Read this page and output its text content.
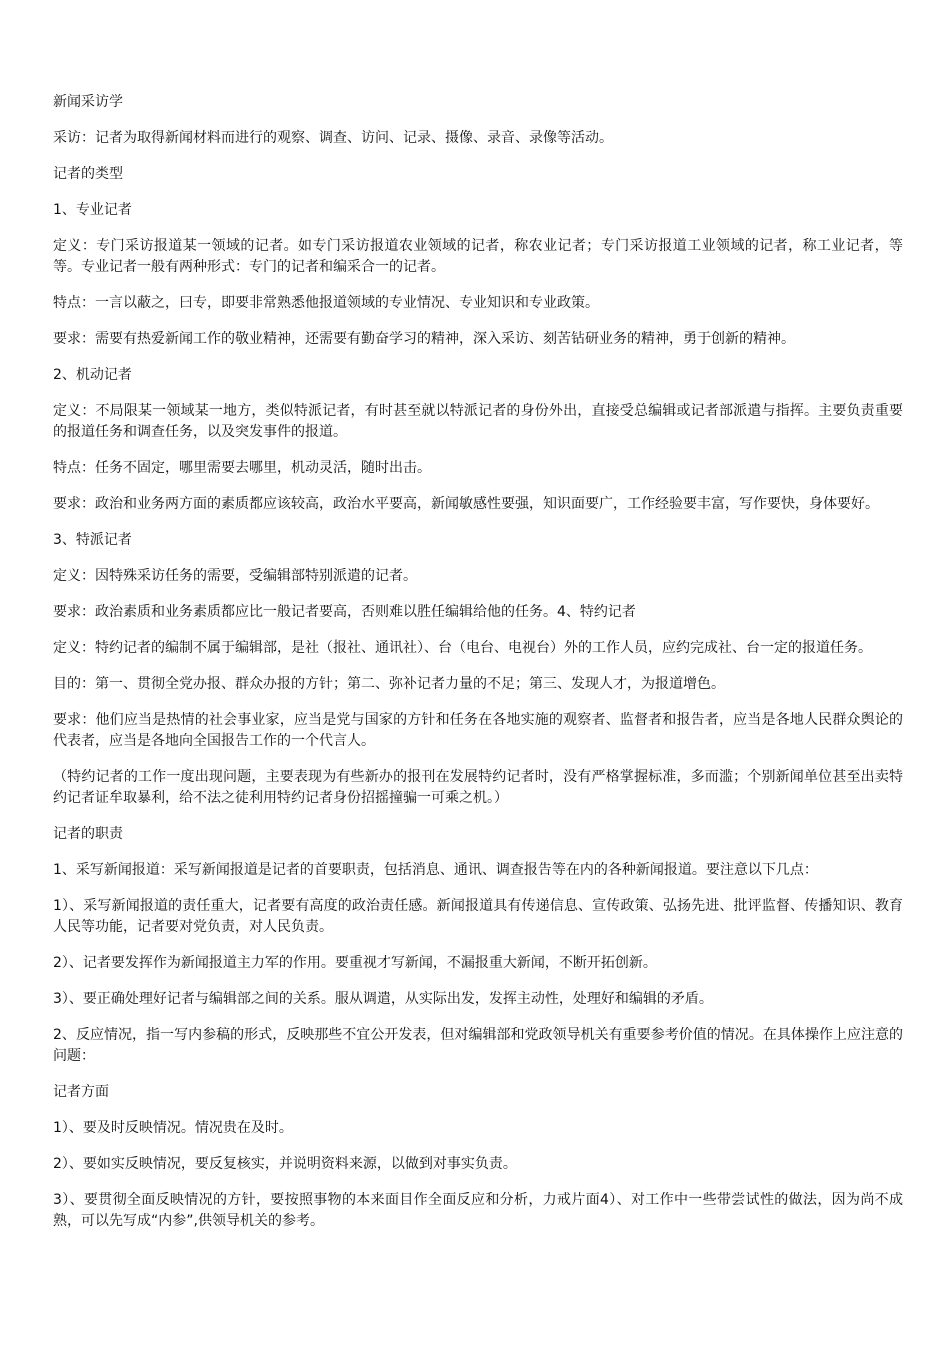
新闻采访学

采访：记者为取得新闻材料而进行的观察、调查、访问、记录、摄像、录音、录像等活动。

记者的类型

1、专业记者

定义：专门采访报道某一领域的记者。如专门采访报道农业领域的记者，称农业记者；专门采访报道工业领域的记者，称工业记者，等等。专业记者一般有两种形式：专门的记者和编采合一的记者。

特点：一言以蔽之，曰专，即要非常熟悉他报道领域的专业情况、专业知识和专业政策。

要求：需要有热爱新闻工作的敬业精神，还需要有勤奋学习的精神，深入采访、刻苦钻研业务的精神，勇于创新的精神。

2、机动记者

定义：不局限某一领域某一地方，类似特派记者，有时甚至就以特派记者的身份外出，直接受总编辑或记者部派遣与指挥。主要负责重要的报道任务和调查任务，以及突发事件的报道。

特点：任务不固定，哪里需要去哪里，机动灵活，随时出击。

要求：政治和业务两方面的素质都应该较高，政治水平要高，新闻敏感性要强，知识面要广，工作经验要丰富，写作要快，身体要好。

3、特派记者

定义：因特殊采访任务的需要，受编辑部特别派遣的记者。

要求：政治素质和业务素质都应比一般记者要高，否则难以胜任编辑给他的任务。4、特约记者

定义：特约记者的编制不属于编辑部，是社（报社、通讯社）、台（电台、电视台）外的工作人员，应约完成社、台一定的报道任务。

目的：第一、贯彻全党办报、群众办报的方针；第二、弥补记者力量的不足；第三、发现人才，为报道增色。

要求：他们应当是热情的社会事业家，应当是党与国家的方针和任务在各地实施的观察者、监督者和报告者，应当是各地人民群众舆论的代表者，应当是各地向全国报告工作的一个代言人。

（特约记者的工作一度出现问题，主要表现为有些新办的报刊在发展特约记者时，没有严格掌握标准，多而滥；个别新闻单位甚至出卖特约记者证牟取暴利，给不法之徒利用特约记者身份招摇撞骗一可乘之机。）

记者的职责

1、采写新闻报道：采写新闻报道是记者的首要职责，包括消息、通讯、调查报告等在内的各种新闻报道。要注意以下几点：

1）、采写新闻报道的责任重大，记者要有高度的政治责任感。新闻报道具有传递信息、宣传政策、弘扬先进、批评监督、传播知识、教育人民等功能，记者要对党负责，对人民负责。

2）、记者要发挥作为新闻报道主力军的作用。要重视才写新闻，不漏报重大新闻，不断开拓创新。

3）、要正确处理好记者与编辑部之间的关系。服从调遣，从实际出发，发挥主动性，处理好和编辑的矛盾。

2、反应情况，指一写内参稿的形式，反映那些不宜公开发表，但对编辑部和党政领导机关有重要参考价值的情况。在具体操作上应注意的问题：

记者方面

1）、要及时反映情况。情况贵在及时。

2）、要如实反映情况，要反复核实，并说明资料来源，以做到对事实负责。

3）、要贯彻全面反映情况的方针，要按照事物的本来面目作全面反应和分析，力戒片面4）、对工作中一些带尝试性的做法，因为尚不成熟，可以先写成“内参”,供领导机关的参考。
